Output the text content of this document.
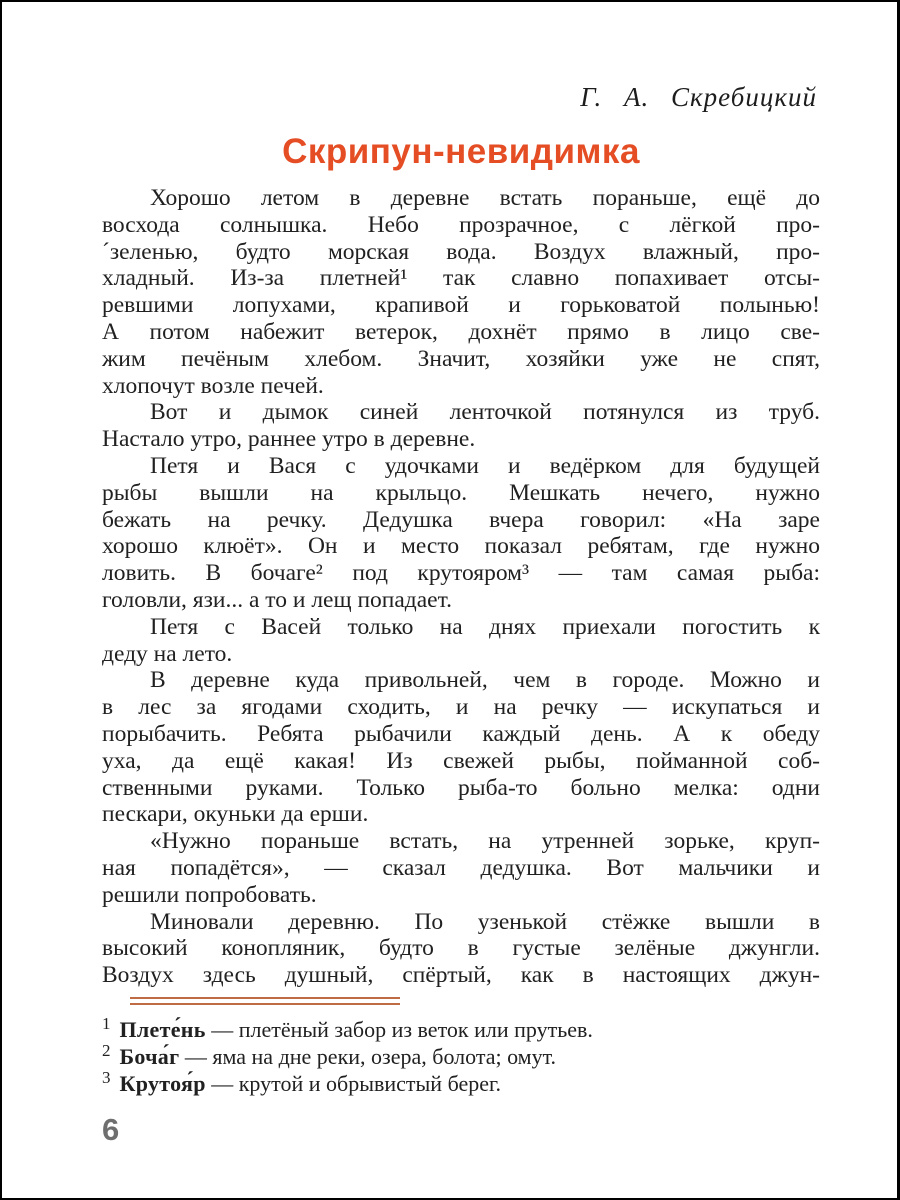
Г. А. Скребицкий
Скрипун-невидимка
Хорошо летом в деревне встать пораньше, ещё до
восхода солнышка. Небо прозрачное, с лёгкой про-
´зеленью, будто морская вода. Воздух влажный, про-
хладный. Из-за плетней¹ так славно попахивает отсы-
ревшими лопухами, крапивой и горьковатой полынью!
А потом набежит ветерок, дохнёт прямо в лицо све-
жим печёным хлебом. Значит, хозяйки уже не спят,
хлопочут возле печей.
Вот и дымок синей ленточкой потянулся из труб.
Настало утро, раннее утро в деревне.
Петя и Вася с удочками и ведёрком для будущей
рыбы вышли на крыльцо. Мешкать нечего, нужно
бежать на речку. Дедушка вчера говорил: «На заре
хорошо клюёт». Он и место показал ребятам, где нужно
ловить. В бочаге² под крутояром³ — там самая рыба:
головли, язи... а то и лещ попадает.
Петя с Васей только на днях приехали погостить к
деду на лето.
В деревне куда привольней, чем в городе. Можно и
в лес за ягодами сходить, и на речку — искупаться и
порыбачить. Ребята рыбачили каждый день. А к обеду
уха, да ещё какая! Из свежей рыбы, пойманной соб-
ственными руками. Только рыба-то больно мелка: одни
пескари, окуньки да ерши.
«Нужно пораньше встать, на утренней зорьке, круп-
ная попадётся», — сказал дедушка. Вот мальчики и
решили попробовать.
Миновали деревню. По узенькой стёжке вышли в
высокий конопляник, будто в густые зелёные джунгли.
Воздух здесь душный, спёртый, как в настоящих джун-
$^1$ Плете́нь — плетёный забор из веток или прутьев.
$^2$ Боча́г — яма на дне реки, озера, болота; омут.
$^3$ Крутоя́р — крутой и обрывистый берег.
6
